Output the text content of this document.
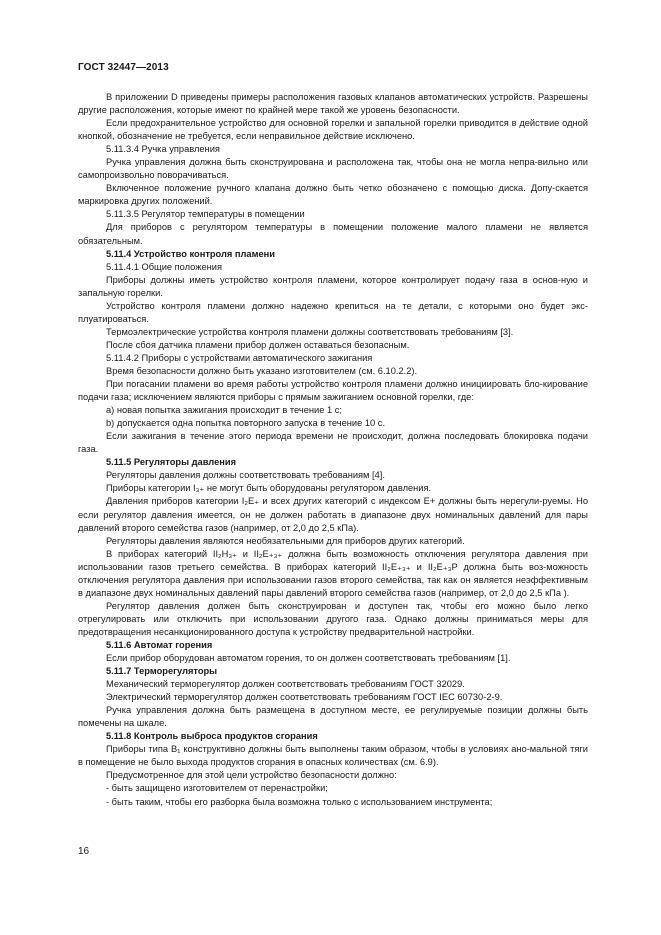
ГОСТ 32447—2013

В приложении D приведены примеры расположения газовых клапанов автоматических устройств. Разрешены другие расположения, которые имеют по крайней мере такой же уровень безопасности.

Если предохранительное устройство для основной горелки и запальной горелки приводится в действие одной кнопкой, обозначение не требуется, если неправильное действие исключено.

5.11.3.4 Ручка управления

Ручка управления должна быть сконструирована и расположена так, чтобы она не могла непра-вильно или самопроизвольно поворачиваться.

Включенное положение ручного клапана должно быть четко обозначено с помощью диска. Допу-скается маркировка других положений.

5.11.3.5 Регулятор температуры в помещении

Для приборов с регулятором температуры в помещении положение малого пламени не является обязательным.

5.11.4 Устройство контроля пламени

5.11.4.1 Общие положения

Приборы должны иметь устройство контроля пламени, которое контролирует подачу газа в основ-ную и запальную горелки.

Устройство контроля пламени должно надежно крепиться на те детали, с которыми оно будет экс-плуатироваться.

Термоэлектрические устройства контроля пламени должны соответствовать требованиям [3].

После сбоя датчика пламени прибор должен оставаться безопасным.

5.11.4.2 Приборы с устройствами автоматического зажигания

Время безопасности должно быть указано изготовителем (см. 6.10.2.2).

При погасании пламени во время работы устройство контроля пламени должно инициировать бло-кирование подачи газа; исключением являются приборы с прямым зажиганием основной горелки, где:

а) новая попытка зажигания происходит в течение 1 с;

b) допускается одна попытка повторного запуска в течение 10 с.

Если зажигания в течение этого периода времени не происходит, должна последовать блокировка подачи газа.

5.11.5 Регуляторы давления

Регуляторы давления должны соответствовать требованиям [4].

Приборы категории I₃₊ не могут быть оборудованы регулятором давления.

Давления приборов категории I₂E₊ и всех других категорий с индексом Е+ должны быть нерегули-руемы. Но если регулятор давления имеется, он не должен работать в диапазоне двух номинальных давлений для пары давлений второго семейства газов (например, от 2,0 до 2,5 кПа).

Регуляторы давления являются необязательными для приборов других категорий.

В приборах категорий II₂H₃₊ и II₂E₊₃₊ должна быть возможность отключения регулятора давления при использовании газов третьего семейства. В приборах категорий II₂E₊₃₊ и II₂E₊₃P должна быть воз-можность отключения регулятора давления при использовании газов второго семейства, так как он является неэффективным в диапазоне двух номинальных давлений пары давлений второго семейства газов (например, от 2,0 до 2,5 кПа ).

Регулятор давления должен быть сконструирован и доступен так, чтобы его можно было легко отрегулировать или отключить при использовании другого газа. Однако должны приниматься меры для предотвращения несанкционированного доступа к устройству предварительной настройки.

5.11.6 Автомат горения

Если прибор оборудован автоматом горения, то он должен соответствовать требованиям [1].

5.11.7 Терморегуляторы

Механический терморегулятор должен соответствовать требованиям ГОСТ 32029.

Электрический терморегулятор должен соответствовать требованиям ГОСТ IEC 60730-2-9.

Ручка управления должна быть размещена в доступном месте, ее регулируемые позиции должны быть помечены на шкале.

5.11.8 Контроль выброса продуктов сгорания

Приборы типа B₁ конструктивно должны быть выполнены таким образом, чтобы в условиях ано-мальной тяги в помещение не было выхода продуктов сгорания в опасных количествах (см. 6.9).

Предусмотренное для этой цели устройство безопасности должно:

- быть защищено изготовителем от перенастройки;

- быть таким, чтобы его разборка была возможна только с использованием инструмента;

16
